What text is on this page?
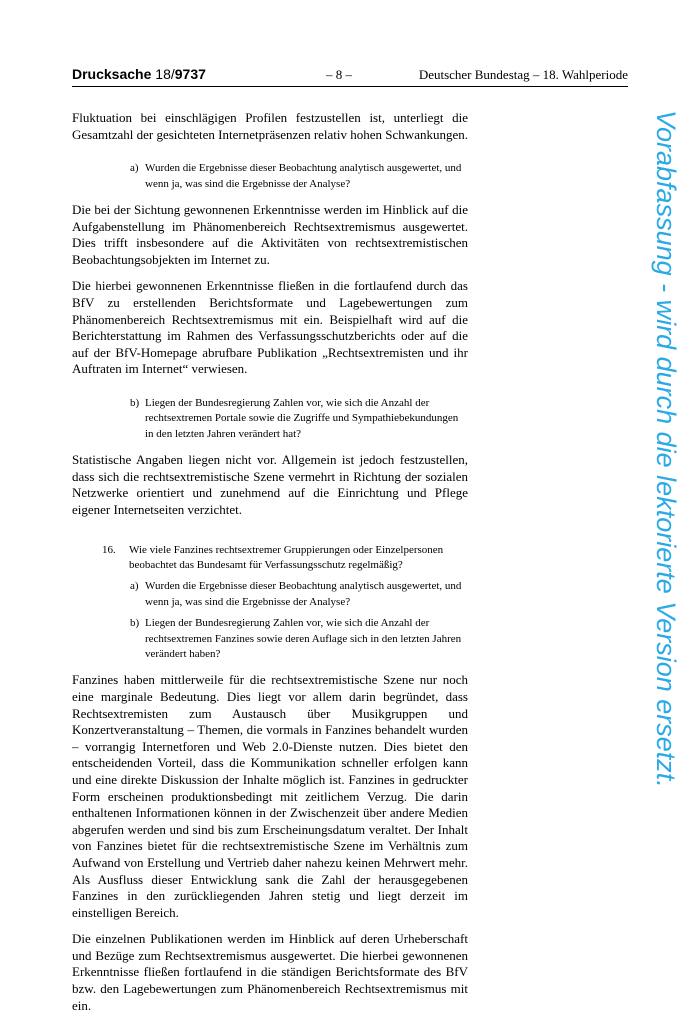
Drucksache 18/9737	– 8 –	Deutscher Bundestag – 18. Wahlperiode

Fluktuation bei einschlägigen Profilen festzustellen ist, unterliegt die Gesamtzahl der gesichteten Internetpräsenzen relativ hohen Schwankungen.

a) Wurden die Ergebnisse dieser Beobachtung analytisch ausgewertet, und wenn ja, was sind die Ergebnisse der Analyse?

Die bei der Sichtung gewonnenen Erkenntnisse werden im Hinblick auf die Aufgabenstellung im Phänomenbereich Rechtsextremismus ausgewertet. Dies trifft insbesondere auf die Aktivitäten von rechtsextremistischen Beobachtungsobjekten im Internet zu.

Die hierbei gewonnenen Erkenntnisse fließen in die fortlaufend durch das BfV zu erstellenden Berichtsformate und Lagebewertungen zum Phänomenbereich Rechtsextremismus mit ein. Beispielhaft wird auf die Berichterstattung im Rahmen des Verfassungsschutzberichts oder auf die auf der BfV-Homepage abrufbare Publikation „Rechtsextremisten und ihr Auftraten im Internet“ verwiesen.

b) Liegen der Bundesregierung Zahlen vor, wie sich die Anzahl der rechtsextremen Portale sowie die Zugriffe und Sympathiebekundungen in den letzten Jahren verändert hat?

Statistische Angaben liegen nicht vor. Allgemein ist jedoch festzustellen, dass sich die rechtsextremistische Szene vermehrt in Richtung der sozialen Netzwerke orientiert und zunehmend auf die Einrichtung und Pflege eigener Internetseiten verzichtet.

16.	Wie viele Fanzines rechtsextremer Gruppierungen oder Einzelpersonen beobachtet das Bundesamt für Verfassungsschutz regelmäßig?
a) Wurden die Ergebnisse dieser Beobachtung analytisch ausgewertet, und wenn ja, was sind die Ergebnisse der Analyse?
b) Liegen der Bundesregierung Zahlen vor, wie sich die Anzahl der rechtsextremen Fanzines sowie deren Auflage sich in den letzten Jahren verändert haben?

Fanzines haben mittlerweile für die rechtsextremistische Szene nur noch eine marginale Bedeutung. Dies liegt vor allem darin begründet, dass Rechtsextremisten zum Austausch über Musikgruppen und Konzertveranstaltung – Themen, die vormals in Fanzines behandelt wurden – vorrangig Internetforen und Web 2.0-Dienste nutzen. Dies bietet den entscheidenden Vorteil, dass die Kommunikation schneller erfolgen kann und eine direkte Diskussion der Inhalte möglich ist. Fanzines in gedruckter Form erscheinen produktionsbedingt mit zeitlichem Verzug. Die darin enthaltenen Informationen können in der Zwischenzeit über andere Medien abgerufen werden und sind bis zum Erscheinungsdatum veraltet. Der Inhalt von Fanzines bietet für die rechtsextremistische Szene im Verhältnis zum Aufwand von Erstellung und Vertrieb daher nahezu keinen Mehrwert mehr. Als Ausfluss dieser Entwicklung sank die Zahl der herausgegebenen Fanzines in den zurückliegenden Jahren stetig und liegt derzeit im einstelligen Bereich.

Die einzelnen Publikationen werden im Hinblick auf deren Urheberschaft und Bezüge zum Rechtsextremismus ausgewertet. Die hierbei gewonnenen Erkenntnisse fließen fortlaufend in die ständigen Berichtsformate des BfV bzw. den Lagebewertungen zum Phänomenbereich Rechtsextremismus mit ein.

Vorabfassung - wird durch die lektorierte Version ersetzt.
